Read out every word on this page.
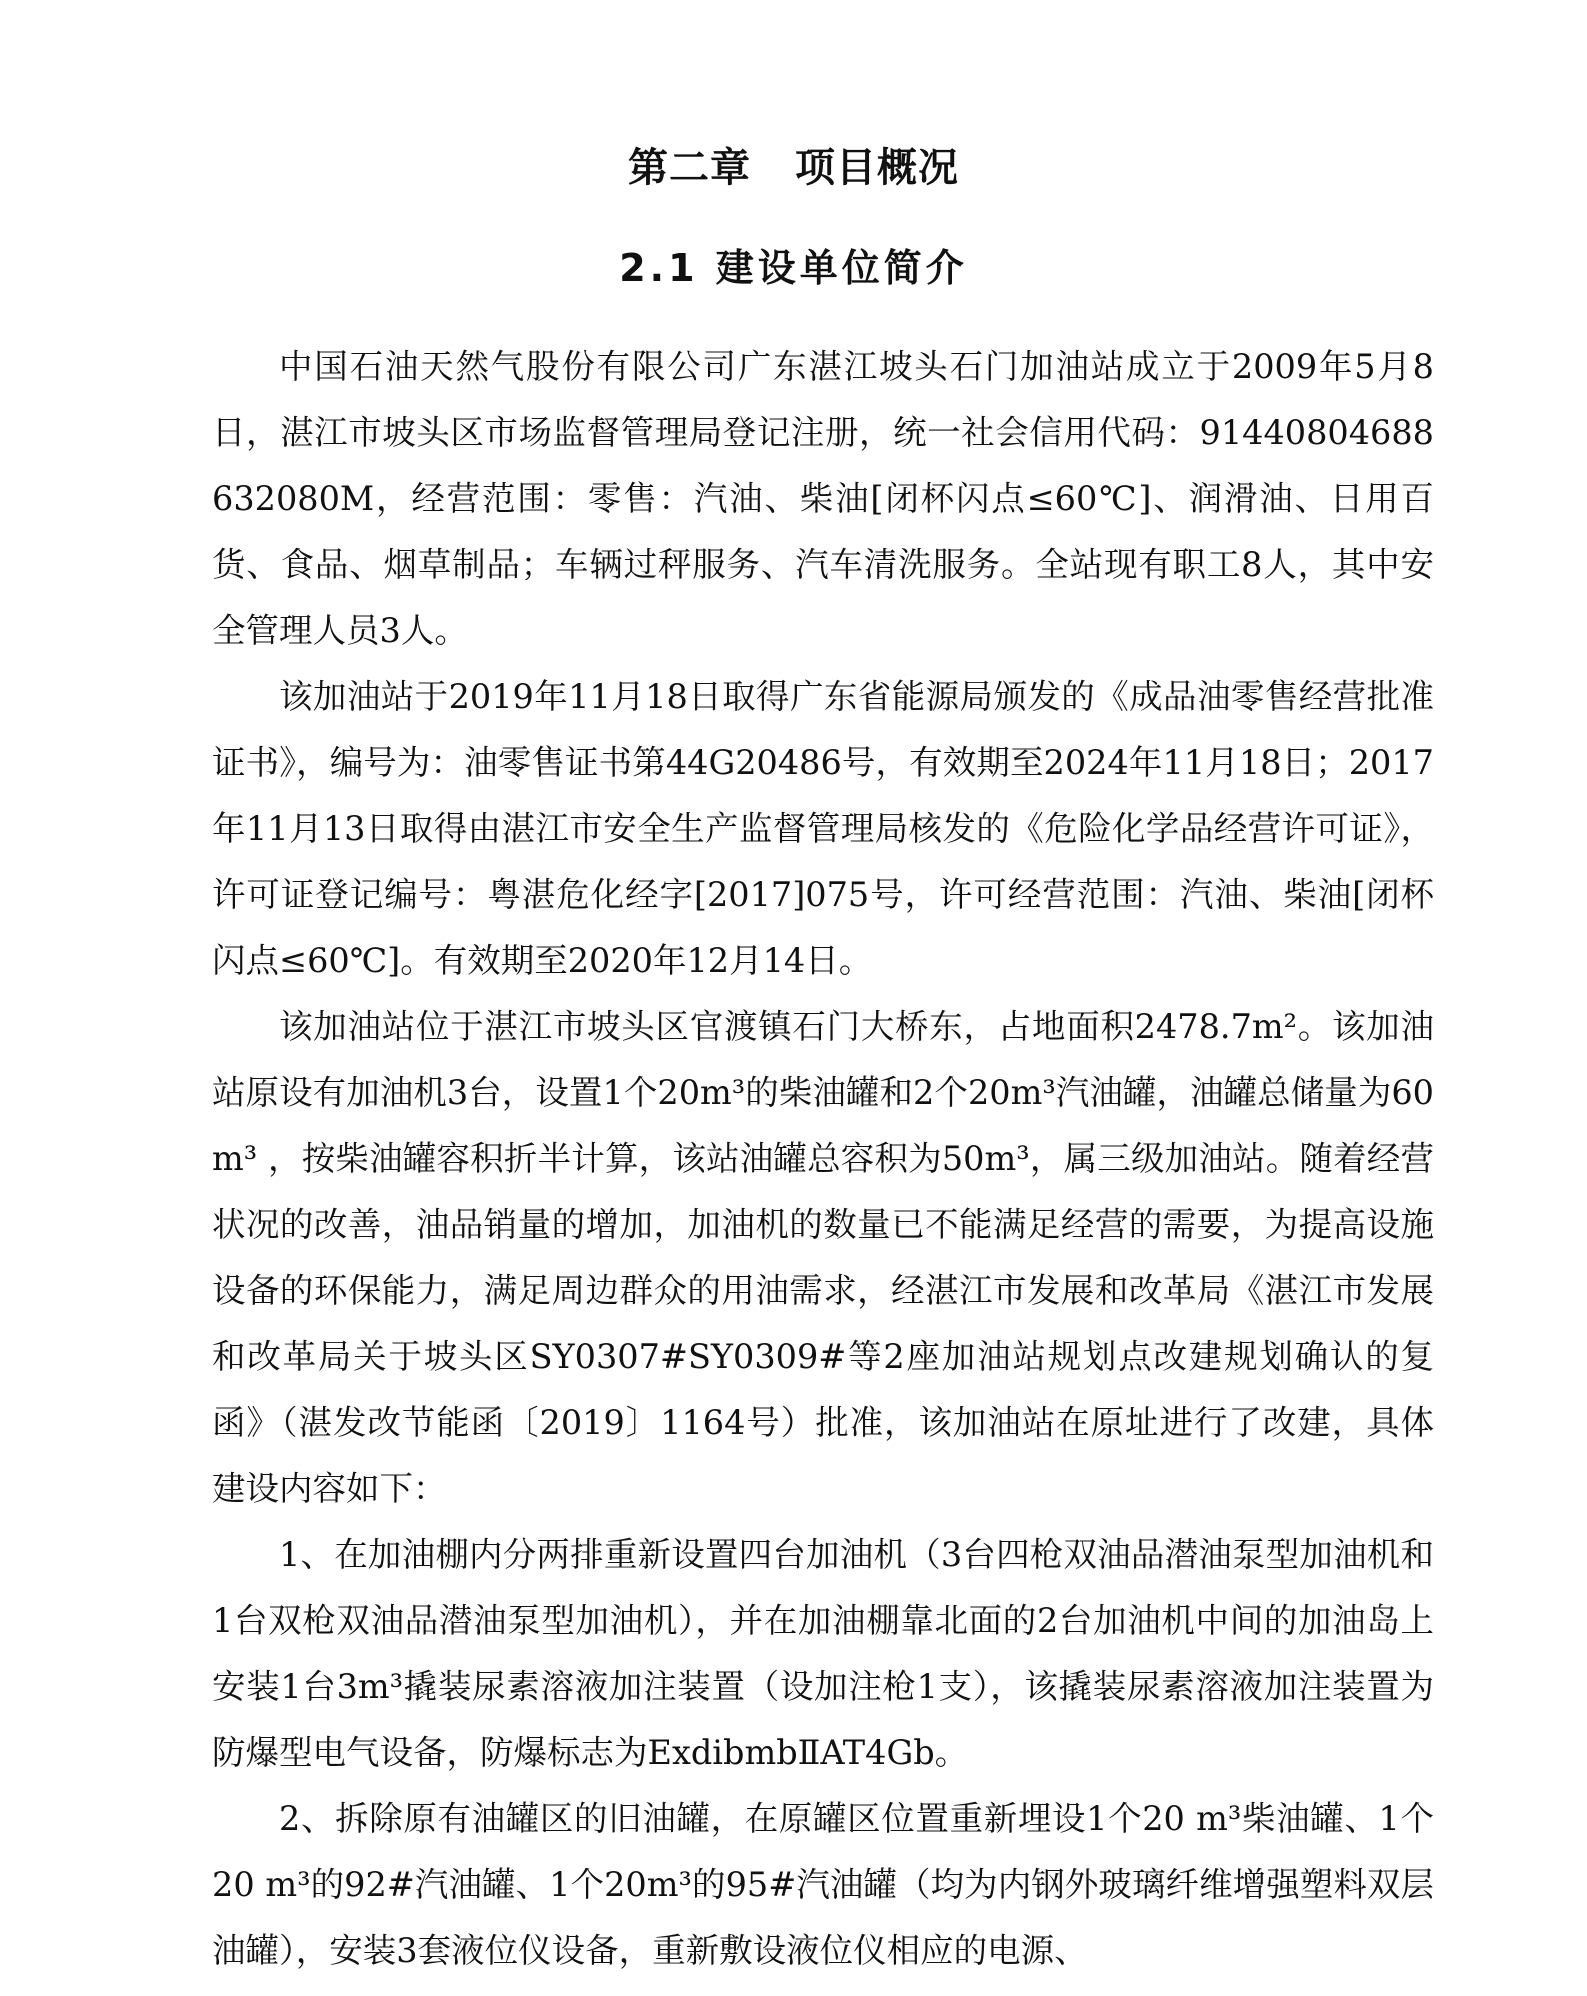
第二章 项目概况
2.1 建设单位简介

中国石油天然气股份有限公司广东湛江坡头石门加油站成立于2009年5月8日，湛江市坡头区市场监督管理局登记注册，统一社会信用代码：91440804688632080M，经营范围：零售：汽油、柴油[闭杯闪点≤60℃]、润滑油、日用百货、食品、烟草制品；车辆过秤服务、汽车清洗服务。全站现有职工8人，其中安全管理人员3人。

该加油站于2019年11月18日取得广东省能源局颁发的《成品油零售经营批准证书》，编号为：油零售证书第44G20486号，有效期至2024年11月18日；2017年11月13日取得由湛江市安全生产监督管理局核发的《危险化学品经营许可证》，许可证登记编号：粤湛危化经字[2017]075号，许可经营范围：汽油、柴油[闭杯闪点≤60℃]。有效期至2020年12月14日。

该加油站位于湛江市坡头区官渡镇石门大桥东，占地面积2478.7m²。该加油站原设有加油机3台，设置1个20m³的柴油罐和2个20m³汽油罐，油罐总储量为60 m³ ，按柴油罐容积折半计算，该站油罐总容积为50m³，属三级加油站。随着经营状况的改善，油品销量的增加，加油机的数量已不能满足经营的需要，为提高设施设备的环保能力，满足周边群众的用油需求，经湛江市发展和改革局《湛江市发展和改革局关于坡头区SY0307#SY0309#等2座加油站规划点改建规划确认的复函》（湛发改节能函〔2019〕1164号）批准，该加油站在原址进行了改建，具体建设内容如下：

1、在加油棚内分两排重新设置四台加油机（3台四枪双油品潜油泵型加油机和1台双枪双油品潜油泵型加油机），并在加油棚靠北面的2台加油机中间的加油岛上安装1台3m³撬装尿素溶液加注装置（设加注枪1支），该撬装尿素溶液加注装置为防爆型电气设备，防爆标志为ExdibmbⅡAT4Gb。

2、拆除原有油罐区的旧油罐，在原罐区位置重新埋设1个20 m³柴油罐、1个20 m³的92#汽油罐、1个20m³的95#汽油罐（均为内钢外玻璃纤维增强塑料双层油罐），安装3套液位仪设备，重新敷设液位仪相应的电源、
